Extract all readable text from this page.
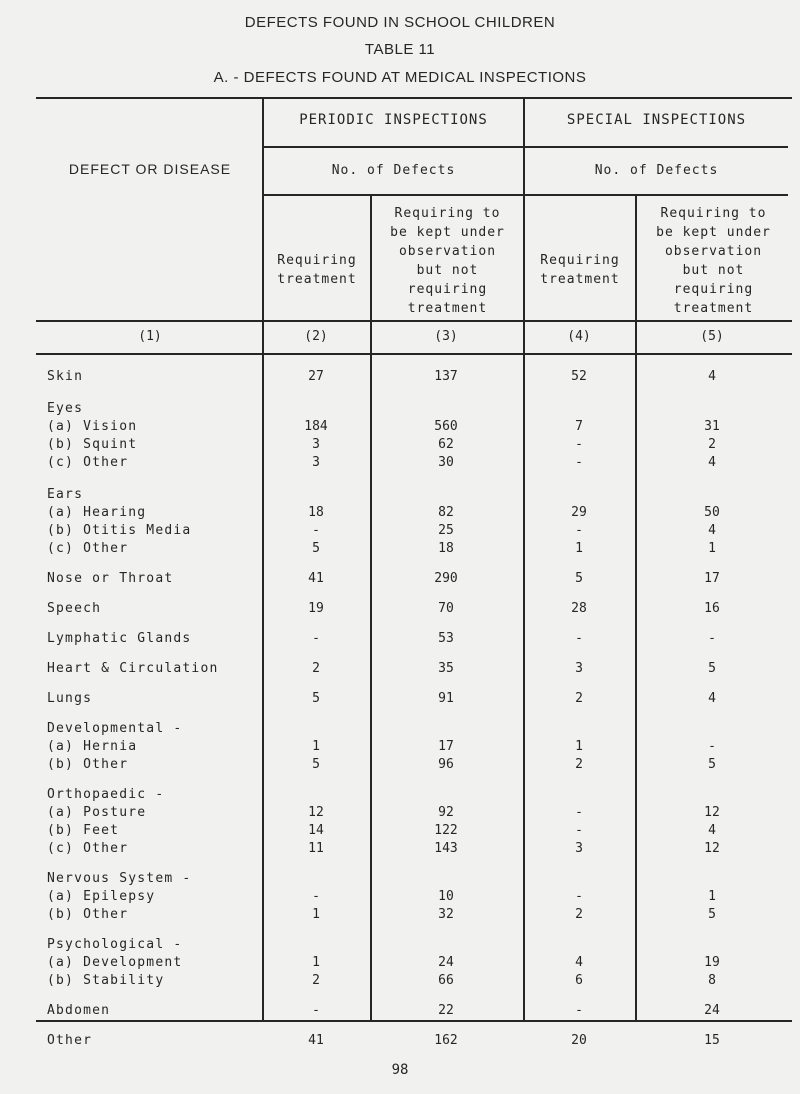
DEFECTS FOUND IN SCHOOL CHILDREN
TABLE 11
A. - DEFECTS FOUND AT MEDICAL INSPECTIONS
DEFECT OR DISEASE
PERIODIC INSPECTIONS	SPECIAL INSPECTIONS
No. of Defects	No. of Defects
Requiring
treatment
Requiring to
be kept under
observation
but not
requiring
treatment
Requiring
treatment
Requiring to
be kept under
observation
but not
requiring
treatment
(1)	(2)	(3)	(4)	(5)
Skin	27	137	52	4
Eyes
(a) Vision	184	560	7	31
(b) Squint	3	62	-	2
(c) Other	3	30	-	4
Ears
(a) Hearing	18	82	29	50
(b) Otitis Media	-	25	-	4
(c) Other	5	18	1	1
Nose or Throat	41	290	5	17
Speech	19	70	28	16
Lymphatic Glands	-	53	-	-
Heart & Circulation	2	35	3	5
Lungs	5	91	2	4
Developmental -
(a) Hernia	1	17	1	-
(b) Other	5	96	2	5
Orthopaedic -
(a) Posture	12	92	-	12
(b) Feet	14	122	-	4
(c) Other	11	143	3	12
Nervous System -
(a) Epilepsy	-	10	-	1
(b) Other	1	32	2	5
Psychological -
(a) Development	1	24	4	19
(b) Stability	2	66	6	8
Abdomen	-	22	-	24
Other	41	162	20	15
98
